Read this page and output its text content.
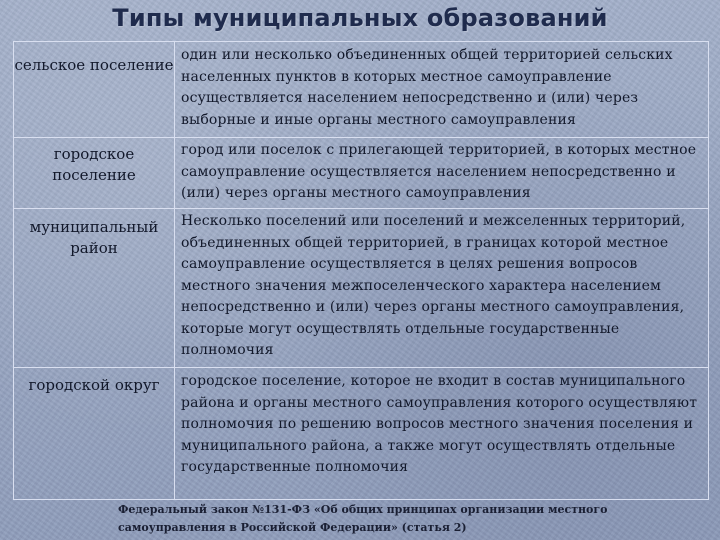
Типы муниципальных образований
сельское поселение
один или несколько объединенных общей территорией сельских населенных пунктов в которых местное самоуправление осуществляется населением непосредственно и (или) через выборные и иные органы местного самоуправления
городское поселение
город или поселок с прилегающей территорией, в которых местное самоуправление осуществляется населением непосредственно и (или) через органы местного самоуправления
муниципальный район
Несколько поселений или поселений и межселенных территорий, объединенных общей территорией, в границах которой местное самоуправление осуществляется в целях решения вопросов местного значения межпоселенческого характера населением непосредственно и (или) через органы местного самоуправления, которые могут осуществлять отдельные государственные полномочия
городской округ	городское поселение, которое не входит в состав муниципального района и органы местного самоуправления которого осуществляют полномочия по решению вопросов местного значения поселения и муниципального района, а также могут осуществлять отдельные государственные полномочия
Федеральный закон №131-ФЗ «Об общих принципах организации местного самоуправления в Российской Федерации» (статья 2)
